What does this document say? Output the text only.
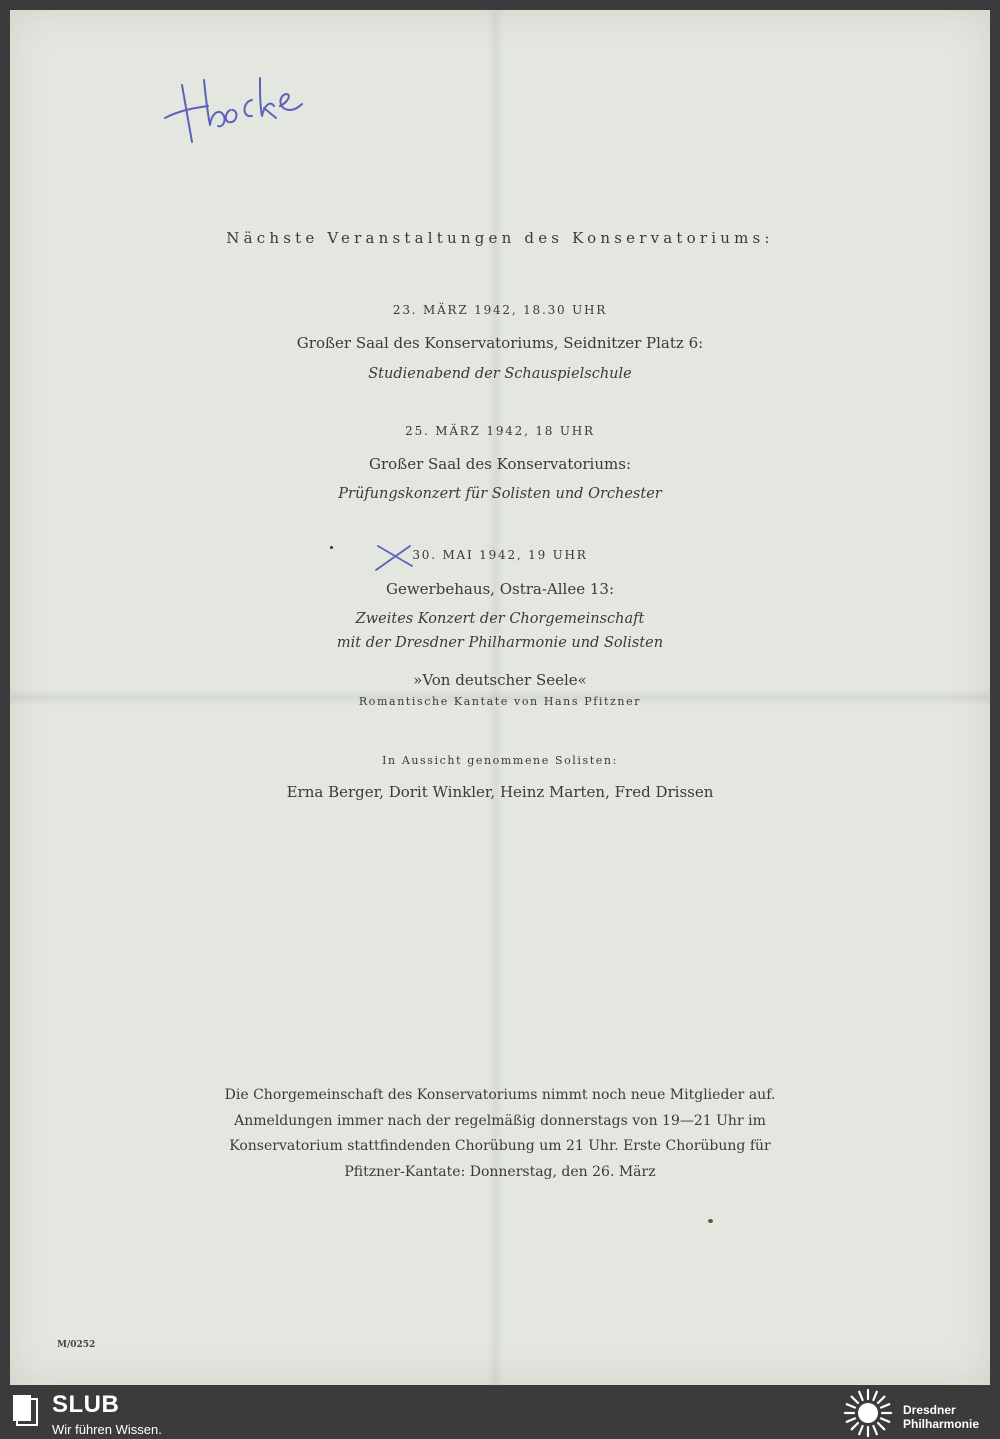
Nächste Veranstaltungen des Konservatoriums:
23. MÄRZ 1942, 18.30 UHR
Großer Saal des Konservatoriums, Seidnitzer Platz 6:
Studienabend der Schauspielschule
25. MÄRZ 1942, 18 UHR
Großer Saal des Konservatoriums:
Prüfungskonzert für Solisten und Orchester
30. MAI 1942, 19 UHR
Gewerbehaus, Ostra-Allee 13:
Zweites Konzert der Chorgemeinschaft
mit der Dresdner Philharmonie und Solisten
»Von deutscher Seele«
Romantische Kantate von Hans Pfitzner
In Aussicht genommene Solisten:
Erna Berger, Dorit Winkler, Heinz Marten, Fred Drissen
Die Chorgemeinschaft des Konservatoriums nimmt noch neue Mitglieder auf.
Anmeldungen immer nach der regelmäßig donnerstags von 19—21 Uhr im
Konservatorium stattfindenden Chorübung um 21 Uhr. Erste Chorübung für
Pfitzner-Kantate: Donnerstag, den 26. März
M/0252
SLUB
Wir führen Wissen.
Dresdner
Philharmonie
